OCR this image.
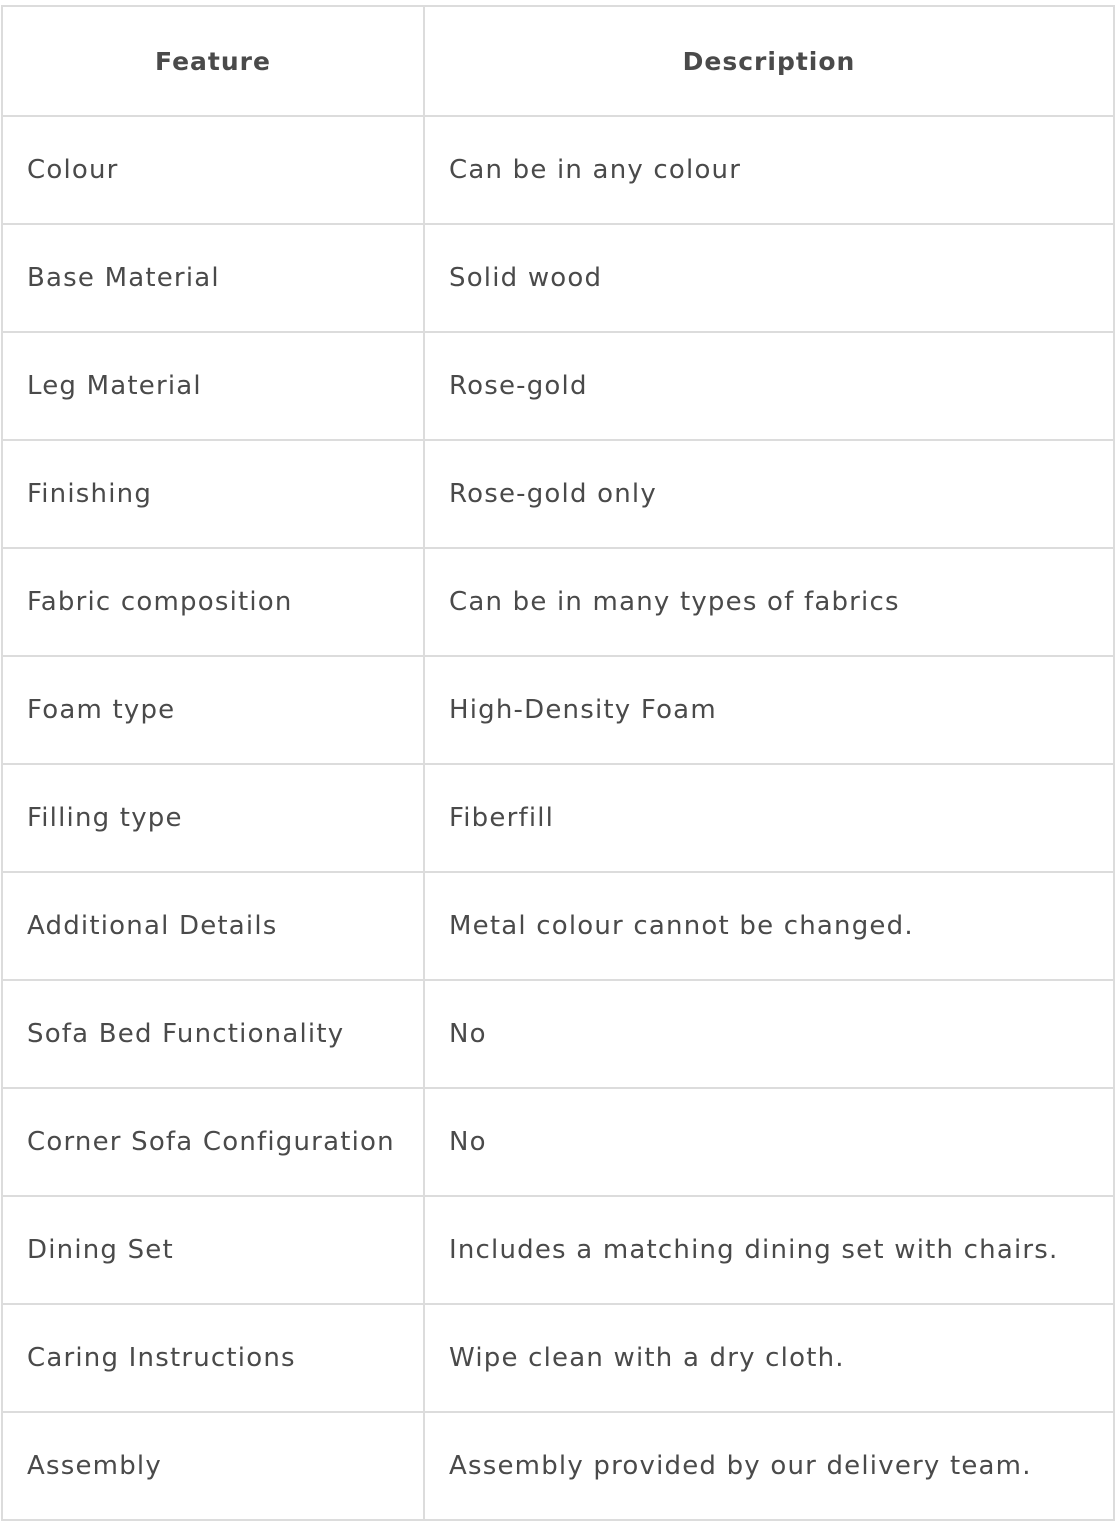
Feature	Description
Colour	Can be in any colour
Base Material	Solid wood
Leg Material	Rose-gold
Finishing	Rose-gold only
Fabric composition	Can be in many types of fabrics
Foam type	High-Density Foam
Filling type	Fiberfill
Additional Details	Metal colour cannot be changed.
Sofa Bed Functionality	No
Corner Sofa Configuration	No
Dining Set	Includes a matching dining set with chairs.
Caring Instructions	Wipe clean with a dry cloth.
Assembly	Assembly provided by our delivery team.
